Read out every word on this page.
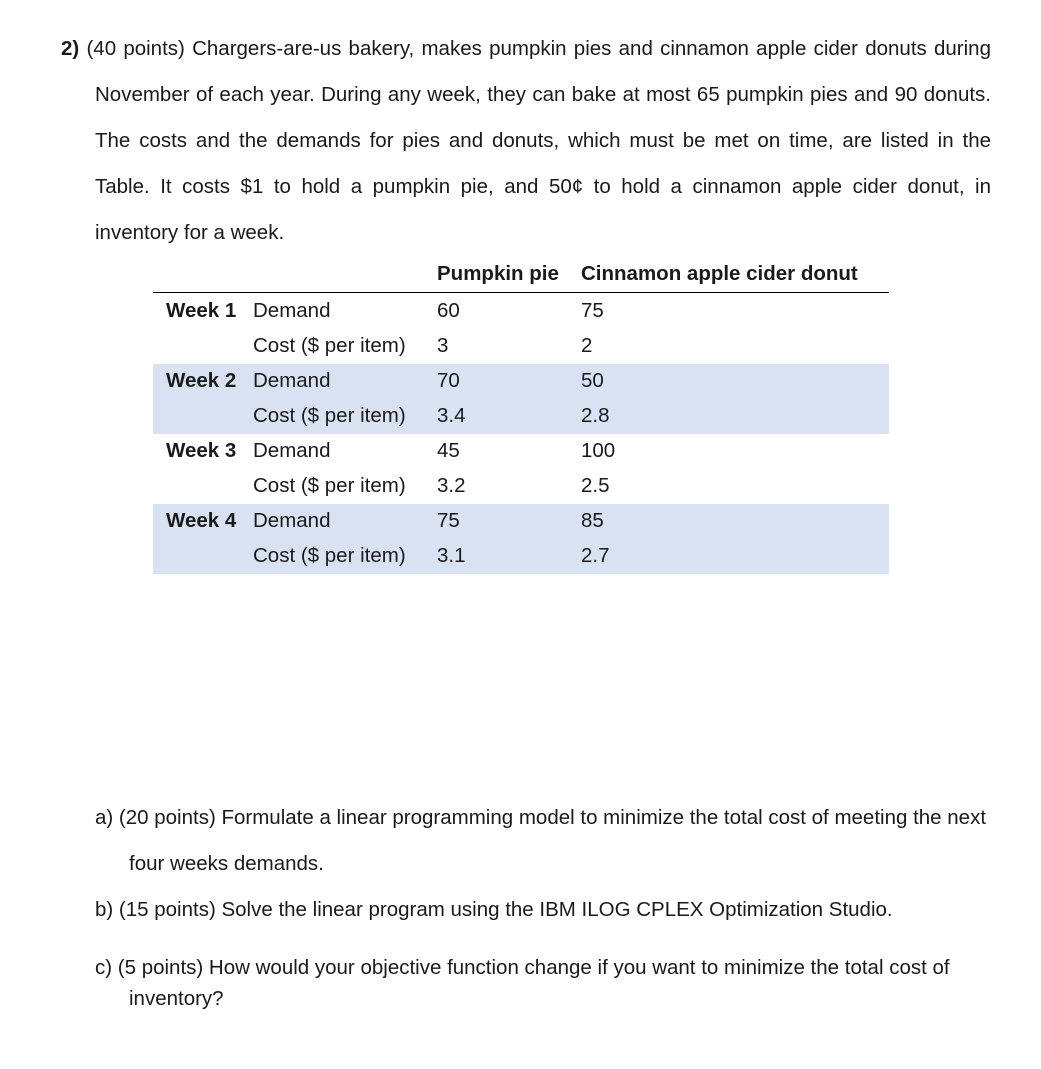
2) (40 points) Chargers-are-us bakery, makes pumpkin pies and cinnamon apple cider donuts during November of each year. During any week, they can bake at most 65 pumpkin pies and 90 donuts. The costs and the demands for pies and donuts, which must be met on time, are listed in the Table. It costs $1 to hold a pumpkin pie, and 50¢ to hold a cinnamon apple cider donut, in inventory for a week.

		Pumpkin pie	Cinnamon apple cider donut
Week 1	Demand	60	75
	Cost ($ per item)	3	2
Week 2	Demand	70	50
	Cost ($ per item)	3.4	2.8
Week 3	Demand	45	100
	Cost ($ per item)	3.2	2.5
Week 4	Demand	75	85
	Cost ($ per item)	3.1	2.7

a) (20 points) Formulate a linear programming model to minimize the total cost of meeting the next four weeks demands.

b) (15 points) Solve the linear program using the IBM ILOG CPLEX Optimization Studio.

c) (5 points) How would your objective function change if you want to minimize the total cost of inventory?
